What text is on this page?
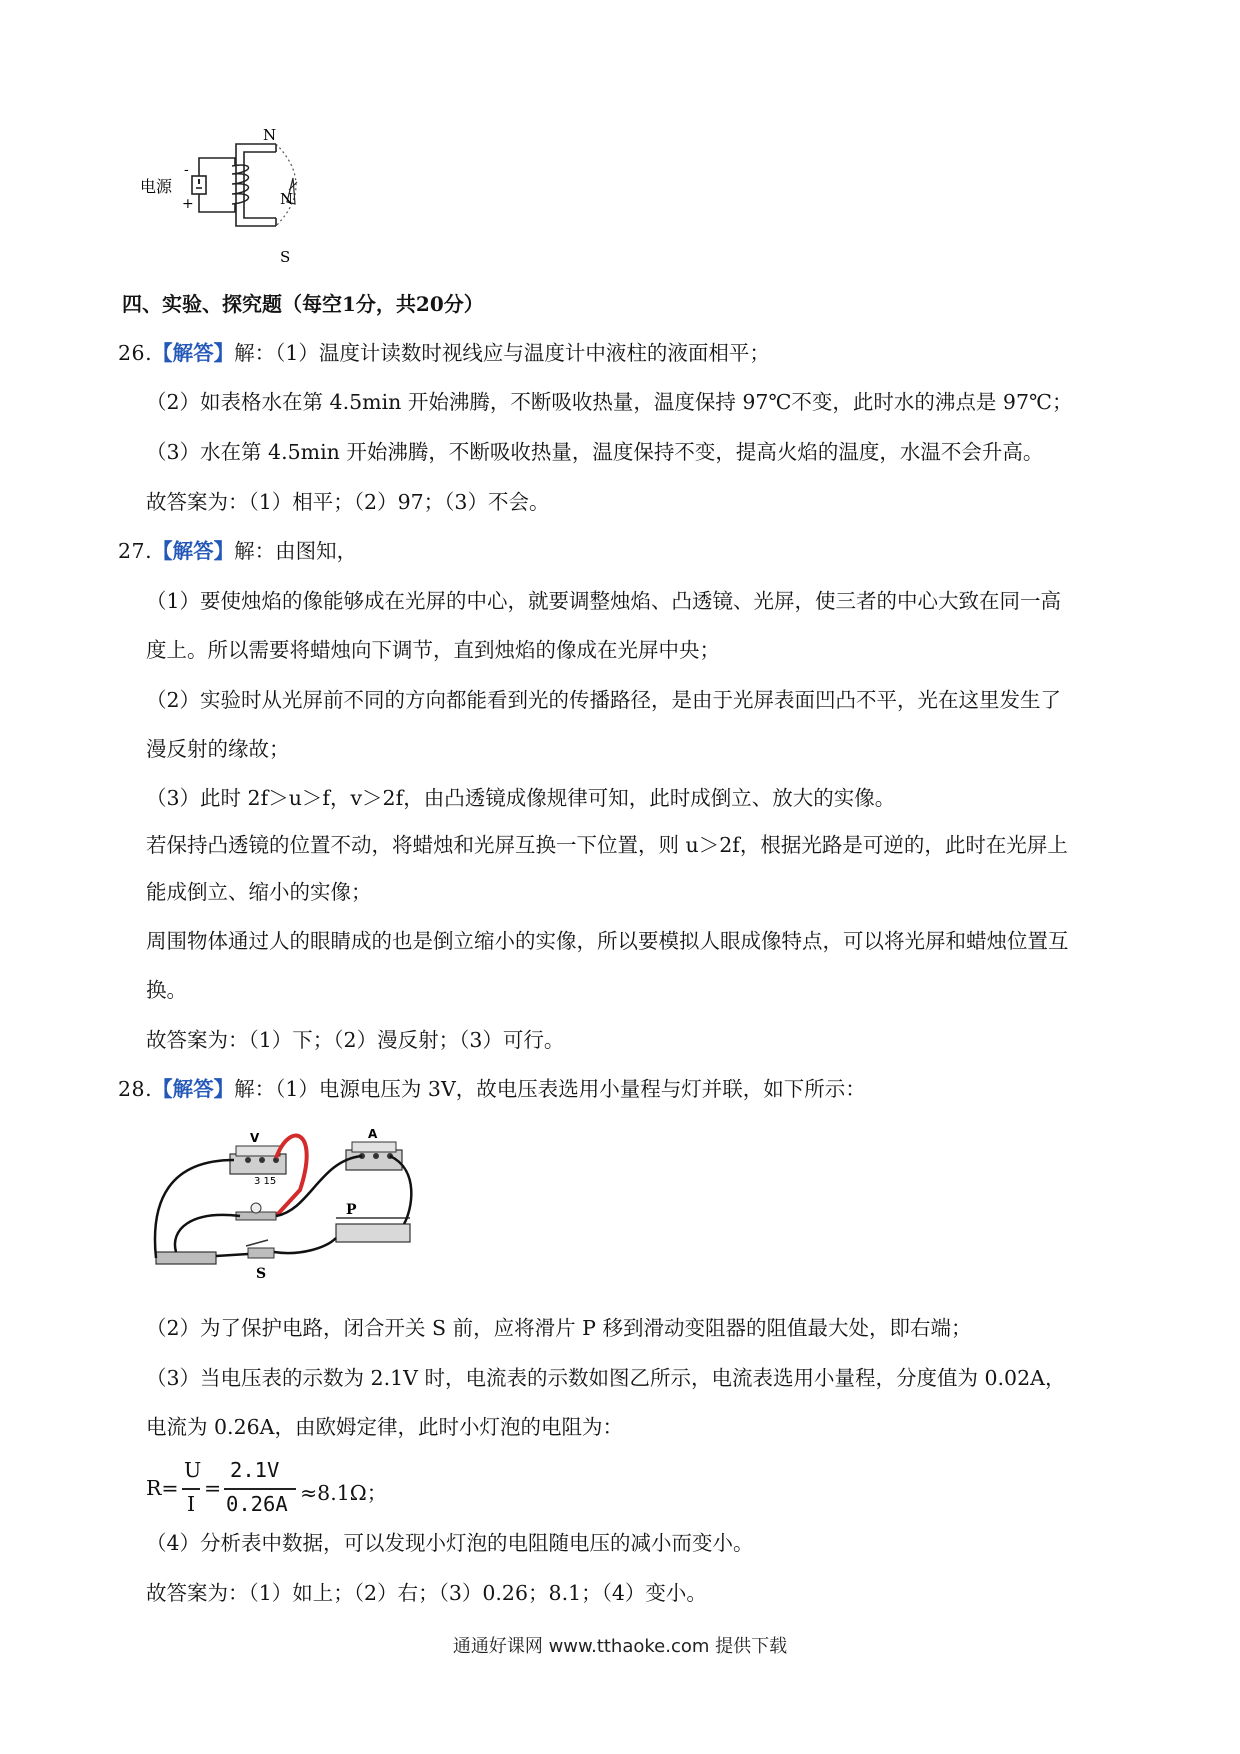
N
N
S
电源
-
+
四、实验、探究题（每空1分，共20分）
26.【解答】解：（1）温度计读数时视线应与温度计中液柱的液面相平；
（2）如表格水在第 4.5min 开始沸腾，不断吸收热量，温度保持 97℃不变，此时水的沸点是 97℃；
（3）水在第 4.5min 开始沸腾，不断吸收热量，温度保持不变，提高火焰的温度，水温不会升高。
故答案为：（1）相平；（2）97；（3）不会。
27.【解答】解：由图知，
（1）要使烛焰的像能够成在光屏的中心，就要调整烛焰、凸透镜、光屏，使三者的中心大致在同一高
度上。所以需要将蜡烛向下调节，直到烛焰的像成在光屏中央；
（2）实验时从光屏前不同的方向都能看到光的传播路径，是由于光屏表面凹凸不平，光在这里发生了
漫反射的缘故；
（3）此时 2f＞u＞f，v＞2f，由凸透镜成像规律可知，此时成倒立、放大的实像。
若保持凸透镜的位置不动，将蜡烛和光屏互换一下位置，则 u＞2f，根据光路是可逆的，此时在光屏上
能成倒立、缩小的实像；
周围物体通过人的眼睛成的也是倒立缩小的实像，所以要模拟人眼成像特点，可以将光屏和蜡烛位置互
换。
故答案为：（1）下；（2）漫反射；（3）可行。
28.【解答】解：（1）电源电压为 3V，故电压表选用小量程与灯并联，如下所示：
V
3 15
A
P
S
（2）为了保护电路，闭合开关 S 前，应将滑片 P 移到滑动变阻器的阻值最大处，即右端；
（3）当电压表的示数为 2.1V 时，电流表的示数如图乙所示，电流表选用小量程，分度值为 0.02A，
电流为 0.26A，由欧姆定律，此时小灯泡的电阻为：
R=
U
I
=
2.1V
0.26A ≈8.1Ω；
（4）分析表中数据，可以发现小灯泡的电阻随电压的减小而变小。
故答案为：（1）如上；（2）右；（3）0.26；8.1；（4）变小。
通通好课网 www.tthaoke.com 提供下载
